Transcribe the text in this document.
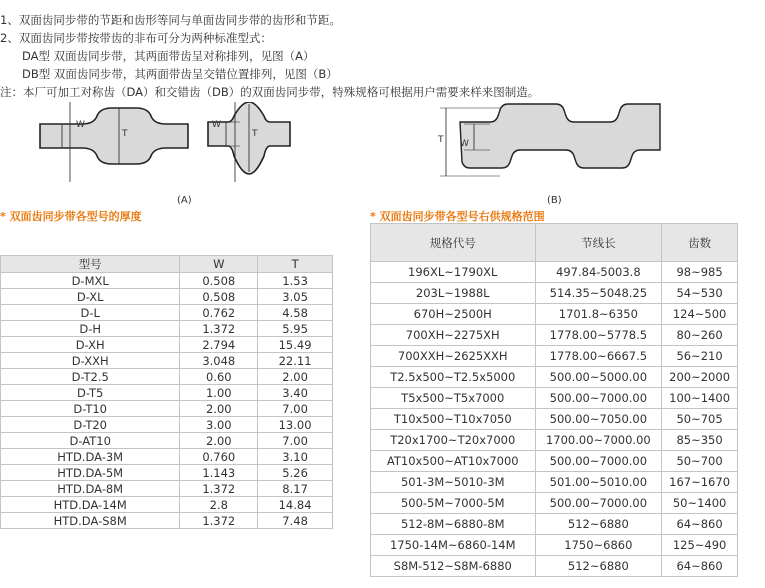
1、双面齿同步带的节距和齿形等同与单面齿同步带的齿形和节距。
2、双面齿同步带按带齿的非布可分为两种标准型式：
DA型 双面齿同步带，其两面带齿呈对称排列，见图（A）
DB型 双面齿同步带，其两面带齿呈交错位置排列，见图（B）
注：本厂可加工对称齿（DA）和交错齿（DB）的双面齿同步带，特殊规格可根据用户需要来样来图制造。
W
T
W
T
T W
(A)	(B)
* 双面齿同步带各型号的厚度	* 双面齿同步带各型号右供规格范围
型号	W	T
D-MXL	0.508	1.53
D-XL	0.508	3.05
D-L	0.762	4.58
D-H	1.372	5.95
D-XH	2.794	15.49
D-XXH	3.048	22.11
D-T2.5	0.60	2.00
D-T5	1.00	3.40
D-T10	2.00	7.00
D-T20	3.00	13.00
D-AT10	2.00	7.00
HTD.DA-3M	0.760	3.10
HTD.DA-5M	1.143	5.26
HTD.DA-8M	1.372	8.17
HTD.DA-14M	2.8	14.84
HTD.DA-S8M	1.372	7.48
规格代号	节线长	齿数
196XL~1790XL	497.84-5003.8	98~985
203L~1988L	514.35~5048.25	54~530
670H~2500H	1701.8~6350	124~500
700XH~2275XH	1778.00~5778.5	80~260
700XXH~2625XXH	1778.00~6667.5	56~210
T2.5x500~T2.5x5000	500.00~5000.00	200~2000
T5x500~T5x7000	500.00~7000.00	100~1400
T10x500~T10x7050	500.00~7050.00	50~705
T20x1700~T20x7000	1700.00~7000.00	85~350
AT10x500~AT10x7000	500.00~7000.00	50~700
501-3M~5010-3M	501.00~5010.00	167~1670
500-5M~7000-5M	500.00~7000.00	50~1400
512-8M~6880-8M	512~6880	64~860
1750-14M~6860-14M	1750~6860	125~490
S8M-512~S8M-6880	512~6880	64~860
